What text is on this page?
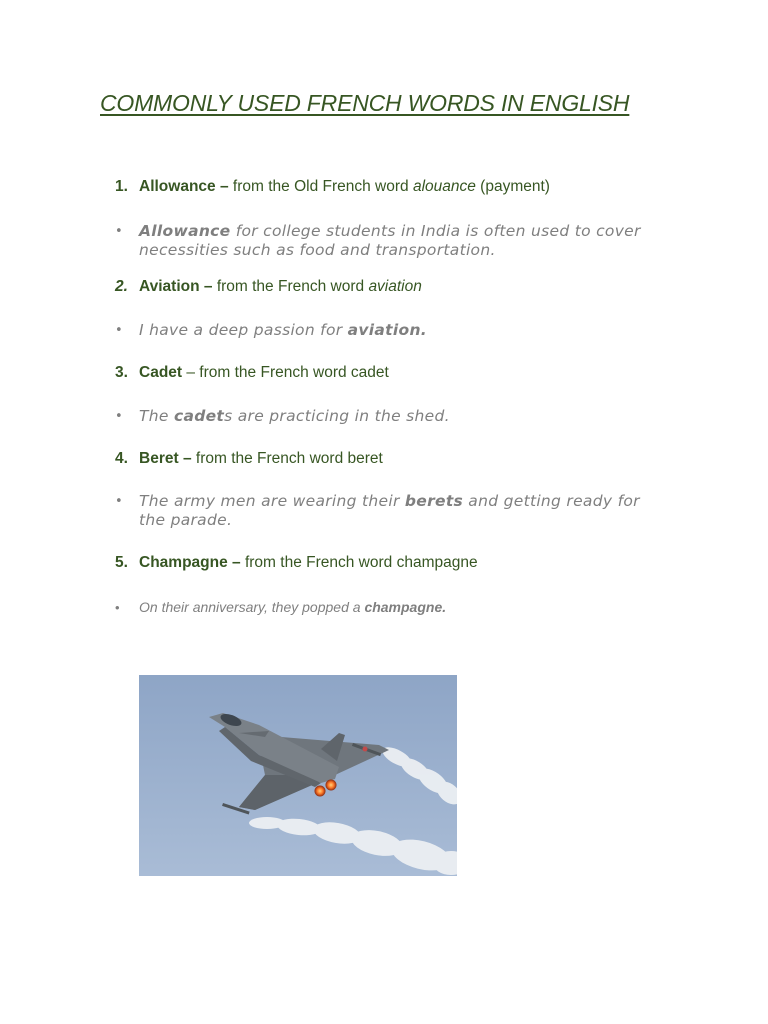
COMMONLY USED FRENCH WORDS IN ENGLISH
1. Allowance – from the Old French word alouance (payment)
• Allowance for college students in India is often used to cover necessities such as food and transportation.
2. Aviation – from the French word aviation
• I have a deep passion for aviation.
3. Cadet – from the French word cadet
• The cadets are practicing in the shed.
4. Beret – from the French word beret
• The army men are wearing their berets and getting ready for the parade.
5. Champagne – from the French word champagne
• On their anniversary, they popped a champagne.
